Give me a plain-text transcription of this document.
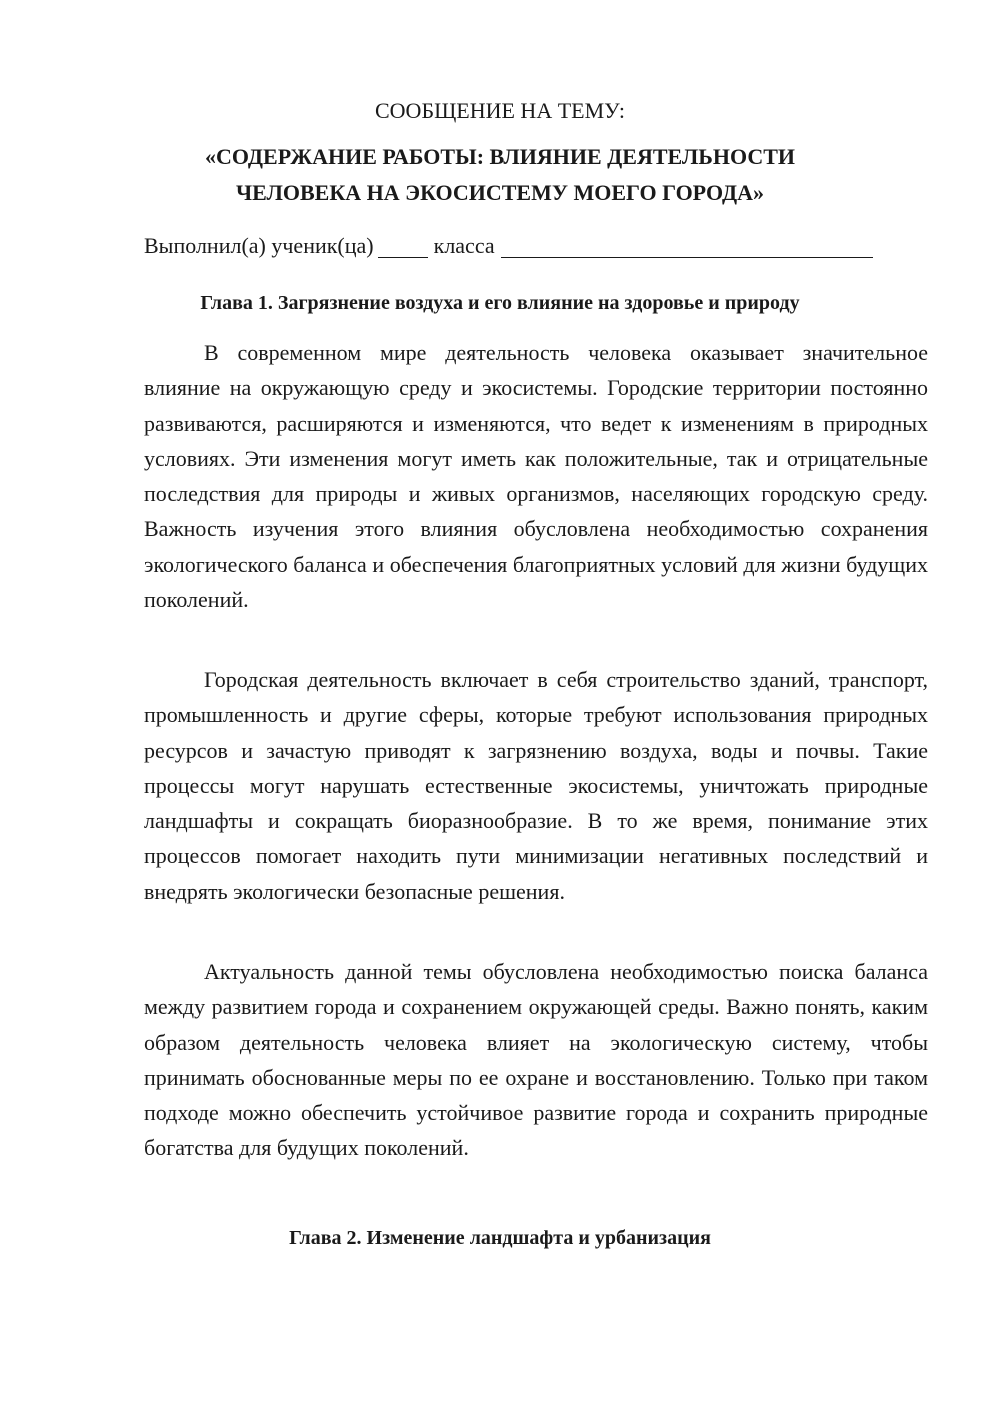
СООБЩЕНИЕ НА ТЕМУ:
«СОДЕРЖАНИЕ РАБОТЫ: ВЛИЯНИЕ ДЕЯТЕЛЬНОСТИ
ЧЕЛОВЕКА НА ЭКОСИСТЕМУ МОЕГО ГОРОДА»
Выполнил(а) ученик(ца)	класса
Глава 1. Загрязнение воздуха и его влияние на здоровье и природу

В современном мире деятельность человека оказывает значительное влияние на окружающую среду и экосистемы. Городские территории постоянно развиваются, расширяются и изменяются, что ведет к изменениям в природных условиях. Эти изменения могут иметь как положительные, так и отрицательные последствия для природы и живых организмов, населяющих городскую среду. Важность изучения этого влияния обусловлена необходимостью сохранения экологического баланса и обеспечения благоприятных условий для жизни будущих поколений.

Городская деятельность включает в себя строительство зданий, транспорт, промышленность и другие сферы, которые требуют использования природных ресурсов и зачастую приводят к загрязнению воздуха, воды и почвы. Такие процессы могут нарушать естественные экосистемы, уничтожать природные ландшафты и сокращать биоразнообразие. В то же время, понимание этих процессов помогает находить пути минимизации негативных последствий и внедрять экологически безопасные решения.

Актуальность данной темы обусловлена необходимостью поиска баланса между развитием города и сохранением окружающей среды. Важно понять, каким образом деятельность человека влияет на экологическую систему, чтобы принимать обоснованные меры по ее охране и восстановлению. Только при таком подходе можно обеспечить устойчивое развитие города и сохранить природные богатства для будущих поколений.

Глава 2. Изменение ландшафта и урбанизация
